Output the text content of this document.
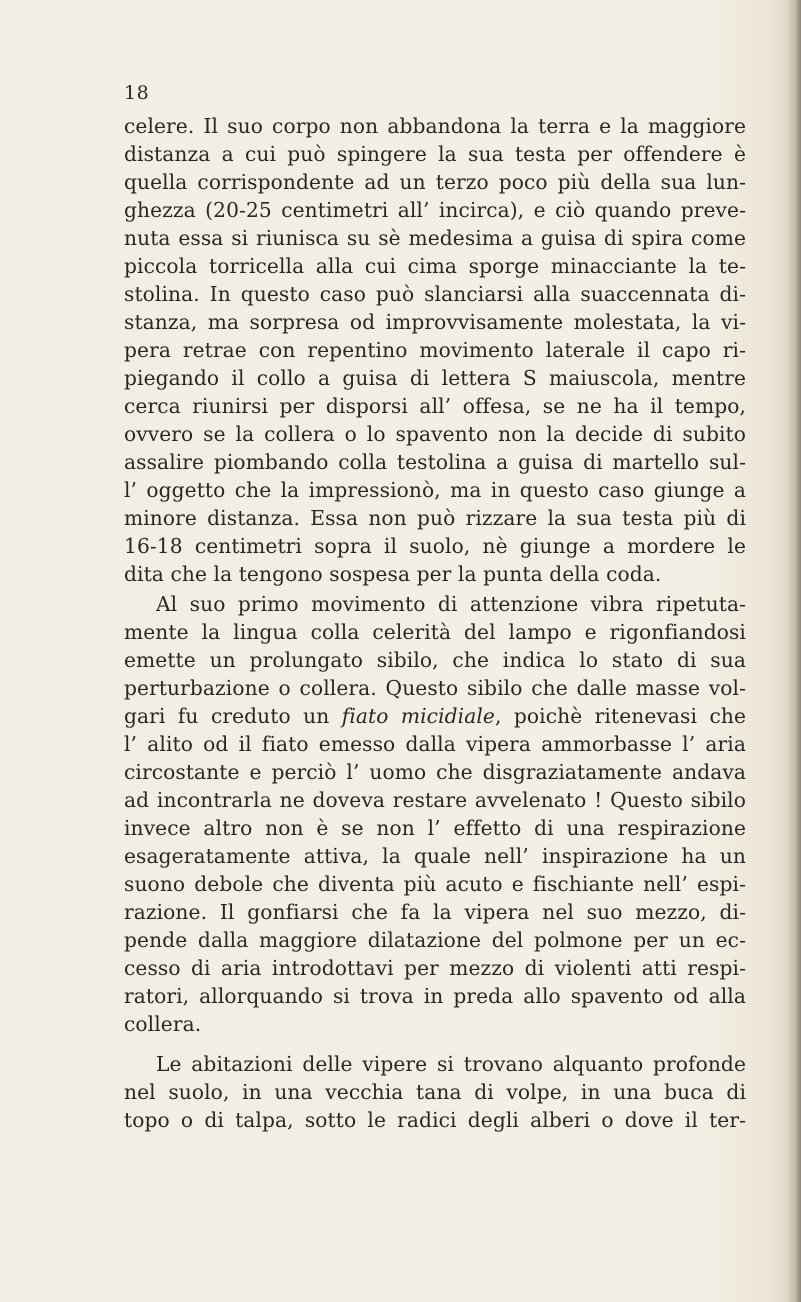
18
celere. Il suo corpo non abbandona la terra e la maggiore
distanza a cui può spingere la sua testa per offendere è
quella corrispondente ad un terzo poco più della sua lun-
ghezza (20-25 centimetri all’ incirca), e ciò quando preve-
nuta essa si riunisca su sè medesima a guisa di spira come
piccola torricella alla cui cima sporge minacciante la te-
stolina. In questo caso può slanciarsi alla suaccennata di-
stanza, ma sorpresa od improvvisamente molestata, la vi-
pera retrae con repentino movimento laterale il capo ri-
piegando il collo a guisa di lettera S maiuscola, mentre
cerca riunirsi per disporsi all’ offesa, se ne ha il tempo,
ovvero se la collera o lo spavento non la decide di subito
assalire piombando colla testolina a guisa di martello sul-
l’ oggetto che la impressionò, ma in questo caso giunge a
minore distanza. Essa non può rizzare la sua testa più di
16-18 centimetri sopra il suolo, nè giunge a mordere le
dita che la tengono sospesa per la punta della coda.
Al suo primo movimento di attenzione vibra ripetuta-
mente la lingua colla celerità del lampo e rigonfiandosi
emette un prolungato sibilo, che indica lo stato di sua
perturbazione o collera. Questo sibilo che dalle masse vol-
gari fu creduto un fiato micidiale, poichè ritenevasi che
l’ alito od il fiato emesso dalla vipera ammorbasse l’ aria
circostante e perciò l’ uomo che disgraziatamente andava
ad incontrarla ne doveva restare avvelenato ! Questo sibilo
invece altro non è se non l’ effetto di una respirazione
esageratamente attiva, la quale nell’ inspirazione ha un
suono debole che diventa più acuto e fischiante nell’ espi-
razione. Il gonfiarsi che fa la vipera nel suo mezzo, di-
pende dalla maggiore dilatazione del polmone per un ec-
cesso di aria introdottavi per mezzo di violenti atti respi-
ratori, allorquando si trova in preda allo spavento od alla
collera.
Le abitazioni delle vipere si trovano alquanto profonde
nel suolo, in una vecchia tana di volpe, in una buca di
topo o di talpa, sotto le radici degli alberi o dove il ter-
